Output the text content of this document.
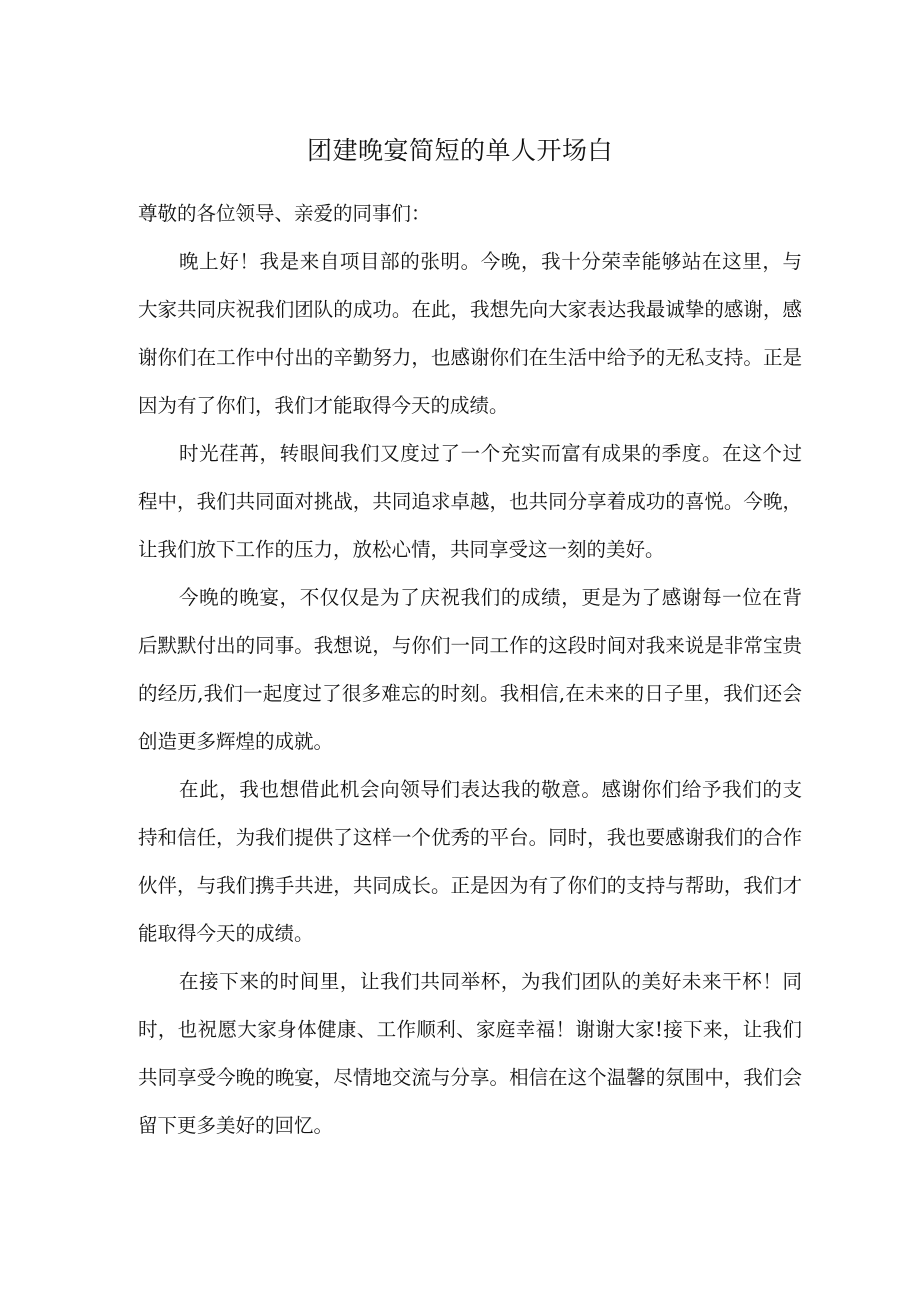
团建晚宴简短的单人开场白

尊敬的各位领导、亲爱的同事们：

晚上好！我是来自项目部的张明。今晚，我十分荣幸能够站在这里，与大家共同庆祝我们团队的成功。在此，我想先向大家表达我最诚挚的感谢，感谢你们在工作中付出的辛勤努力，也感谢你们在生活中给予的无私支持。正是因为有了你们，我们才能取得今天的成绩。

时光荏苒，转眼间我们又度过了一个充实而富有成果的季度。在这个过程中，我们共同面对挑战，共同追求卓越，也共同分享着成功的喜悦。今晚，让我们放下工作的压力，放松心情，共同享受这一刻的美好。

今晚的晚宴，不仅仅是为了庆祝我们的成绩，更是为了感谢每一位在背后默默付出的同事。我想说，与你们一同工作的这段时间对我来说是非常宝贵的经历,我们一起度过了很多难忘的时刻。我相信,在未来的日子里，我们还会创造更多辉煌的成就。

在此，我也想借此机会向领导们表达我的敬意。感谢你们给予我们的支持和信任，为我们提供了这样一个优秀的平台。同时，我也要感谢我们的合作伙伴，与我们携手共进，共同成长。正是因为有了你们的支持与帮助，我们才能取得今天的成绩。

在接下来的时间里，让我们共同举杯，为我们团队的美好未来干杯！同时，也祝愿大家身体健康、工作顺利、家庭幸福！谢谢大家!接下来，让我们共同享受今晚的晚宴，尽情地交流与分享。相信在这个温馨的氛围中，我们会留下更多美好的回忆。
